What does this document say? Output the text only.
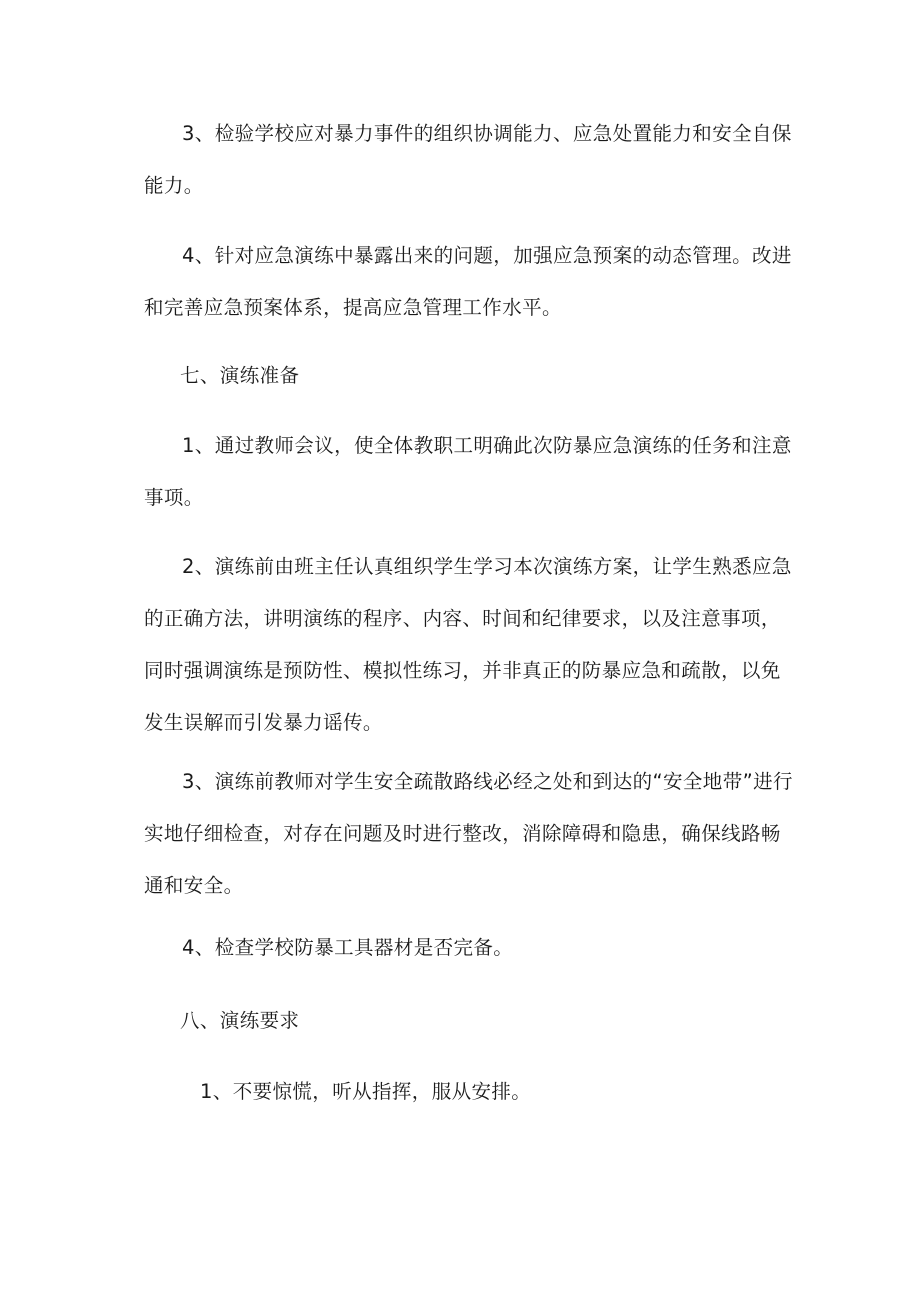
3、检验学校应对暴力事件的组织协调能力、应急处置能力和安全自保能力。

4、针对应急演练中暴露出来的问题，加强应急预案的动态管理。改进和完善应急预案体系，提高应急管理工作水平。

七、演练准备

1、通过教师会议，使全体教职工明确此次防暴应急演练的任务和注意事项。

2、演练前由班主任认真组织学生学习本次演练方案，让学生熟悉应急的正确方法，讲明演练的程序、内容、时间和纪律要求，以及注意事项，同时强调演练是预防性、模拟性练习，并非真正的防暴应急和疏散，以免发生误解而引发暴力谣传。

3、演练前教师对学生安全疏散路线必经之处和到达的“安全地带”进行实地仔细检查，对存在问题及时进行整改，消除障碍和隐患，确保线路畅通和安全。

4、检查学校防暴工具器材是否完备。

八、演练要求

1、不要惊慌，听从指挥，服从安排。
